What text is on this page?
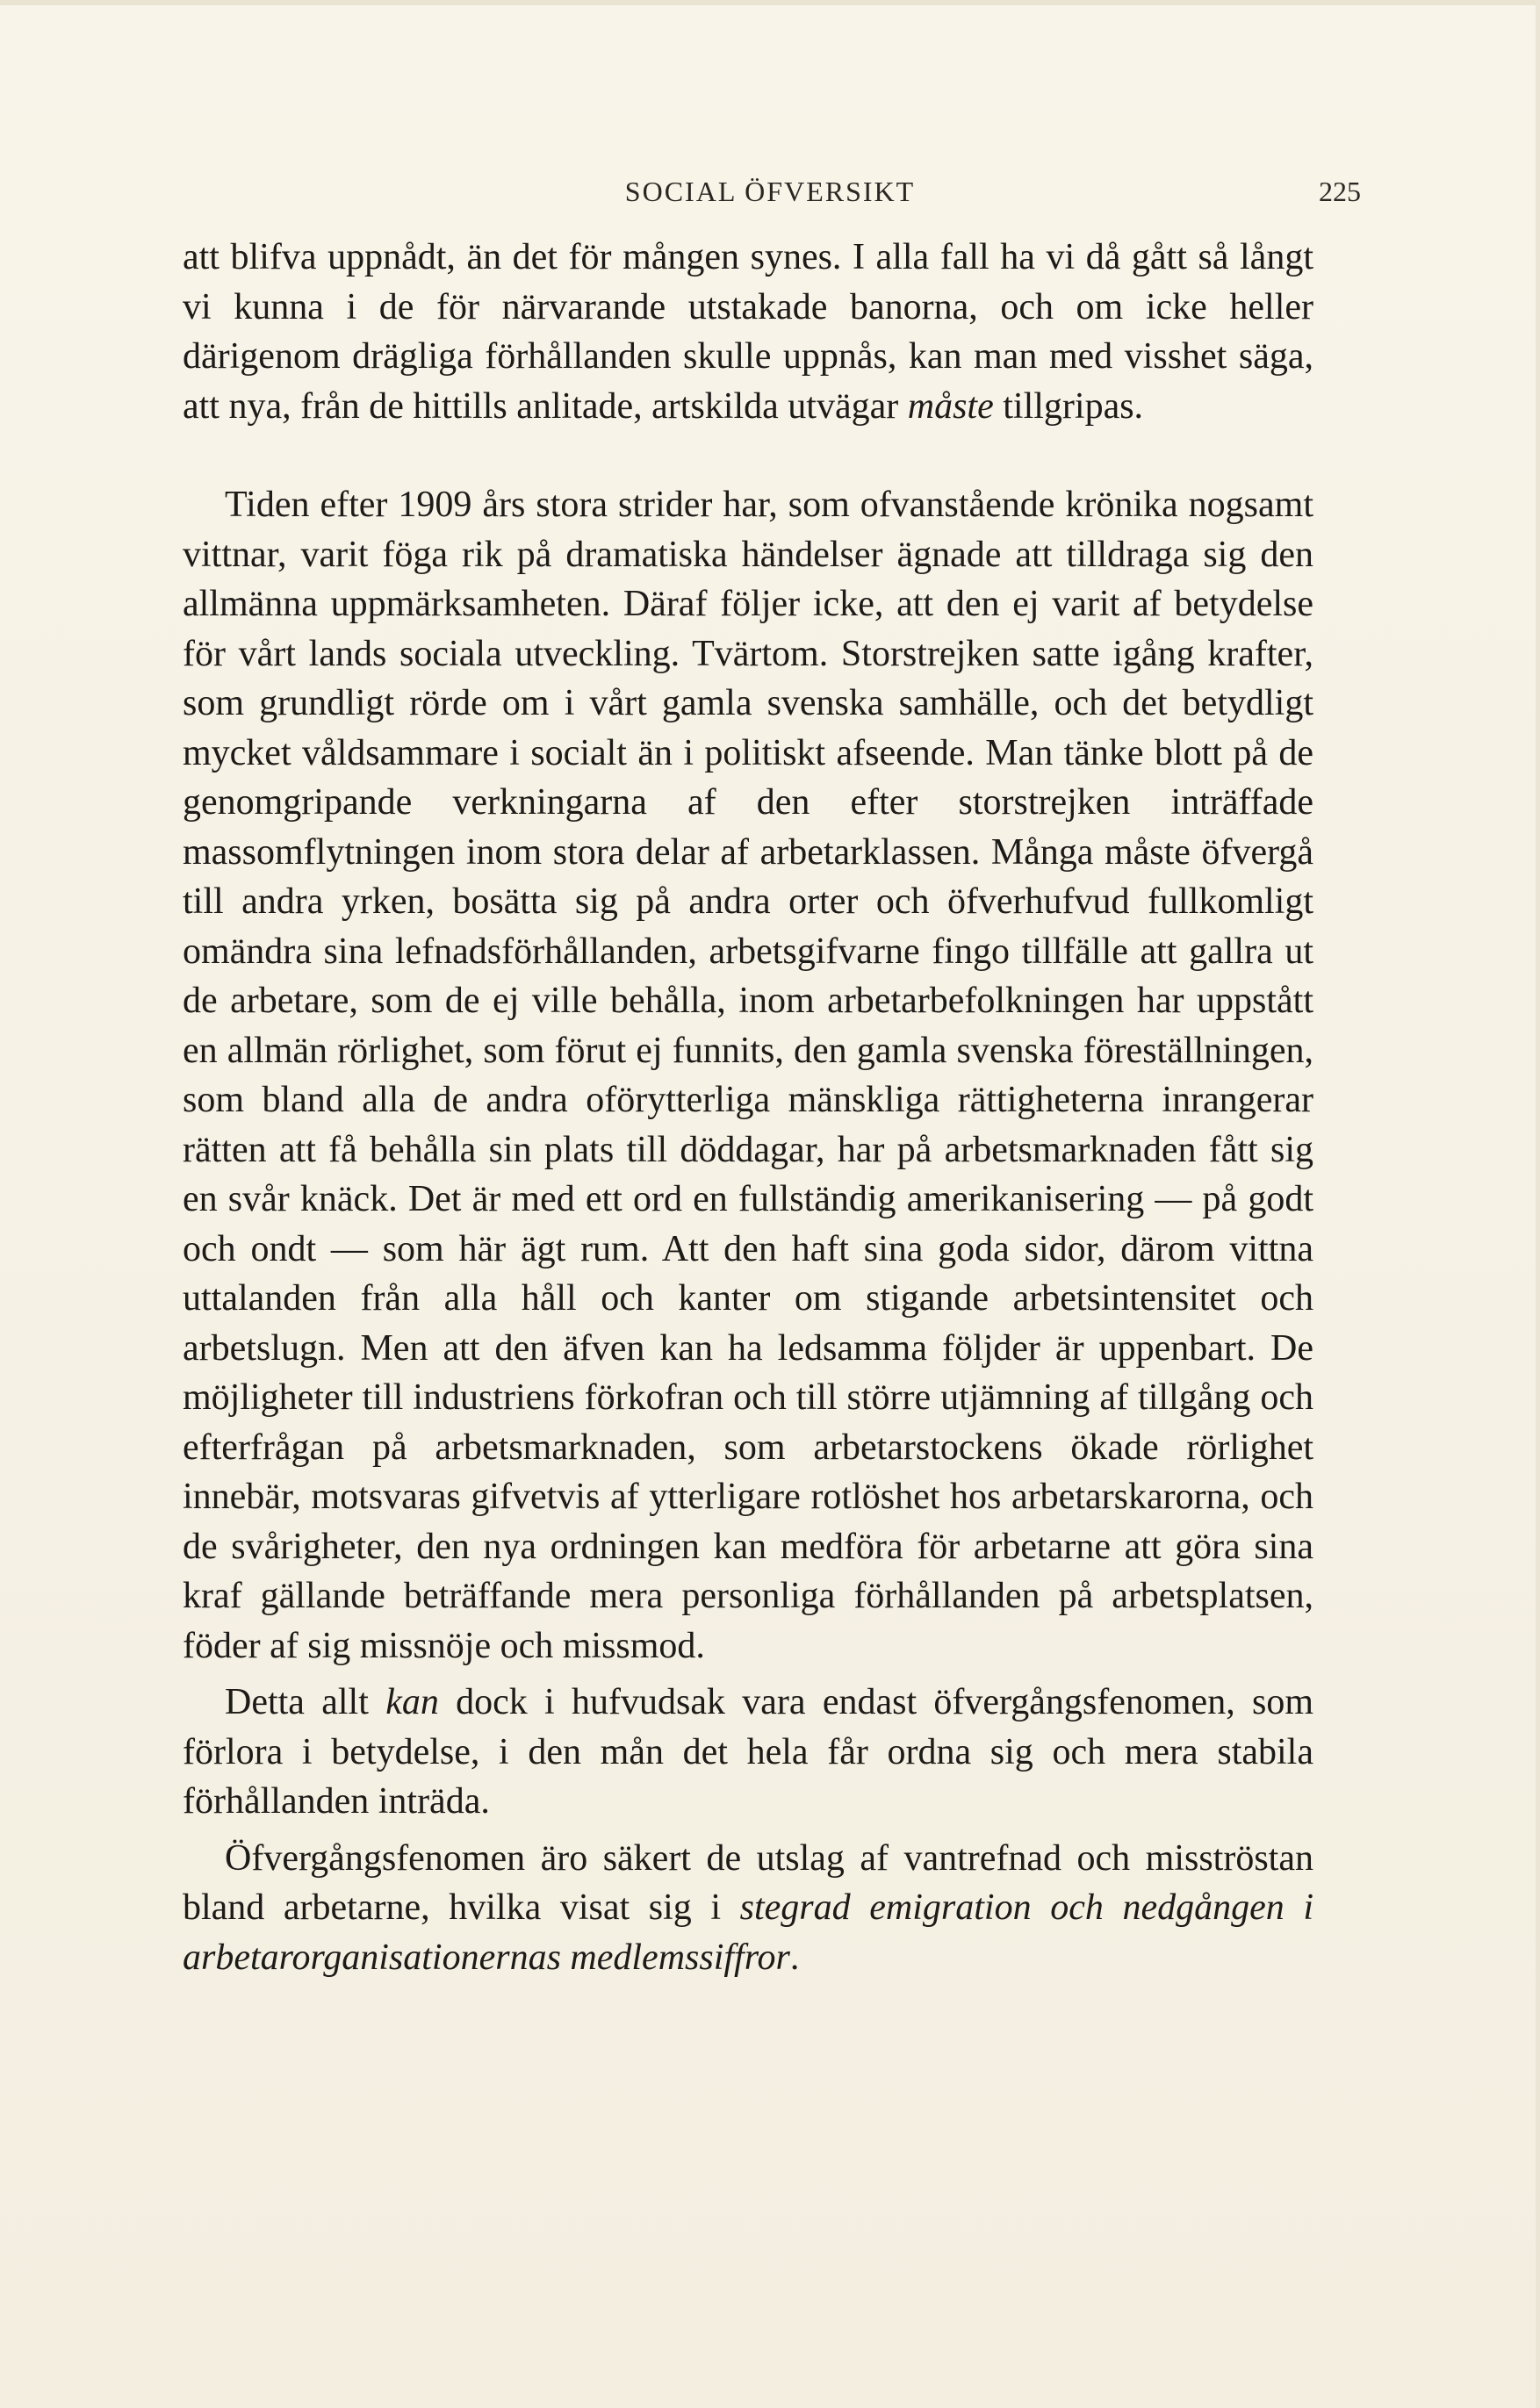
SOCIAL ÖFVERSIKT	225

att blifva uppnådt, än det för mången synes. I alla fall ha vi då gått så långt vi kunna i de för närvarande utstakade banorna, och om icke heller därigenom drägliga förhållanden skulle uppnås, kan man med visshet säga, att nya, från de hittills anlitade, artskilda utvägar måste tillgripas.

Tiden efter 1909 års stora strider har, som ofvanstående krönika nogsamt vittnar, varit föga rik på dramatiska händelser ägnade att tilldraga sig den allmänna uppmärksamheten. Däraf följer icke, att den ej varit af betydelse för vårt lands sociala utveckling. Tvärtom. Storstrejken satte igång krafter, som grundligt rörde om i vårt gamla svenska samhälle, och det betydligt mycket våldsammare i socialt än i politiskt afseende. Man tänke blott på de genomgripande verkningarna af den efter storstrejken inträffade massomflytningen inom stora delar af arbetarklassen. Många måste öfvergå till andra yrken, bosätta sig på andra orter och öfverhufvud fullkomligt omändra sina lefnadsförhållanden, arbetsgifvarne fingo tillfälle att gallra ut de arbetare, som de ej ville behålla, inom arbetarbefolkningen har uppstått en allmän rörlighet, som förut ej funnits, den gamla svenska föreställningen, som bland alla de andra oförytterliga mänskliga rättigheterna inrangerar rätten att få behålla sin plats till döddagar, har på arbetsmarknaden fått sig en svår knäck. Det är med ett ord en fullständig amerikanisering — på godt och ondt — som här ägt rum. Att den haft sina goda sidor, därom vittna uttalanden från alla håll och kanter om stigande arbetsintensitet och arbetslugn. Men att den äfven kan ha ledsamma följder är uppenbart. De möjligheter till industriens förkofran och till större utjämning af tillgång och efterfrågan på arbetsmarknaden, som arbetarstockens ökade rörlighet innebär, motsvaras gifvetvis af ytterligare rotlöshet hos arbetarskarorna, och de svårigheter, den nya ordningen kan medföra för arbetarne att göra sina kraf gällande beträffande mera personliga förhållanden på arbetsplatsen, föder af sig missnöje och missmod.

Detta allt kan dock i hufvudsak vara endast öfvergångsfenomen, som förlora i betydelse, i den mån det hela får ordna sig och mera stabila förhållanden inträda.

Öfvergångsfenomen äro säkert de utslag af vantrefnad och misströstan bland arbetarne, hvilka visat sig i stegrad emigration och nedgången i arbetarorganisationernas medlemssiffror.
